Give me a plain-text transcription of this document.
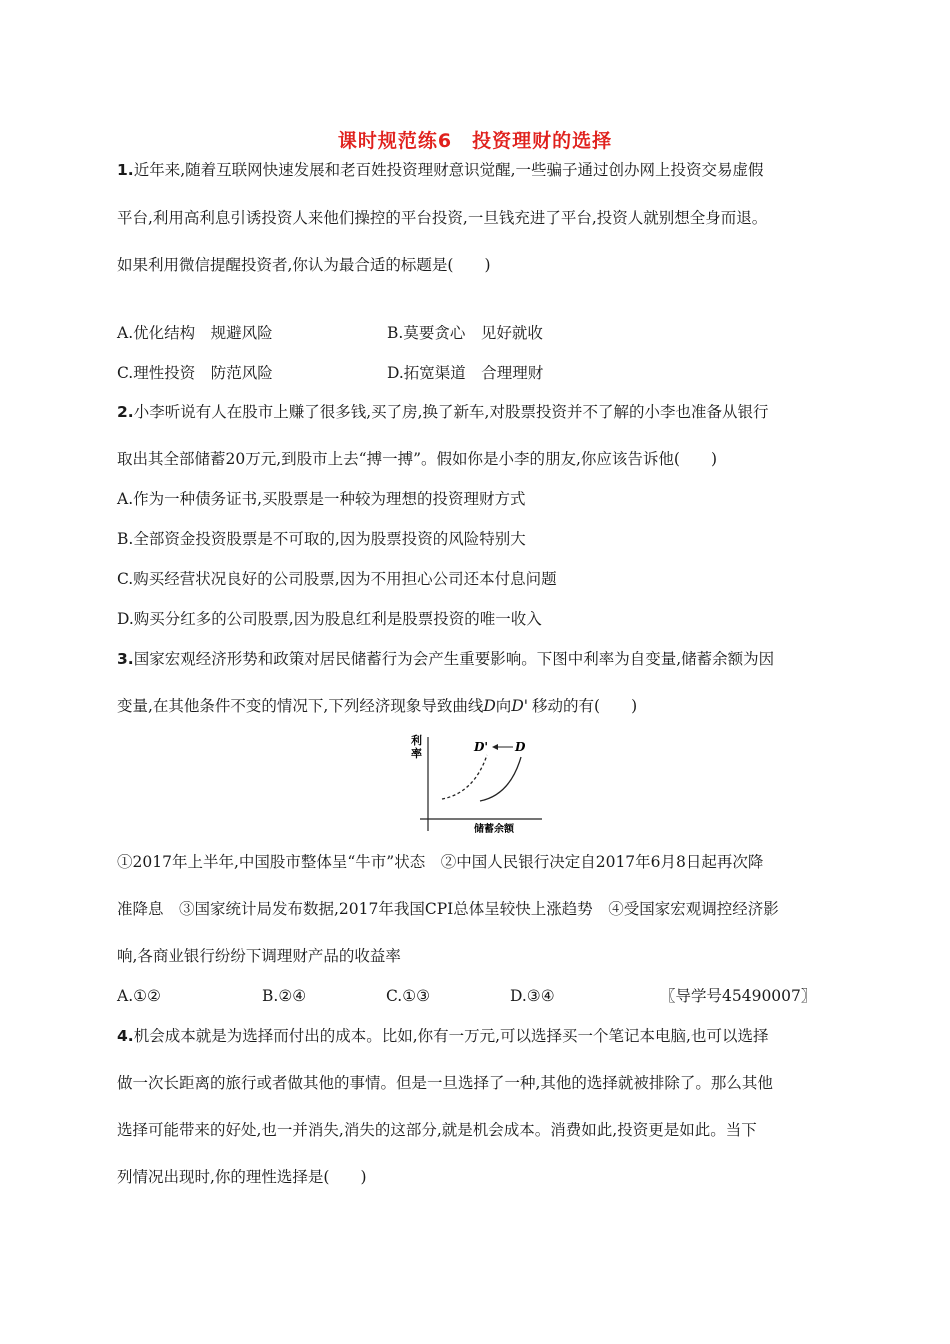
课时规范练6　投资理财的选择
1.近年来,随着互联网快速发展和老百姓投资理财意识觉醒,一些骗子通过创办网上投资交易虚假
平台,利用高利息引诱投资人来他们操控的平台投资,一旦钱充进了平台,投资人就别想全身而退。
如果利用微信提醒投资者,你认为最合适的标题是(　　)
A.优化结构　规避风险	B.莫要贪心　见好就收
C.理性投资　防范风险	D.拓宽渠道　合理理财
2.小李听说有人在股市上赚了很多钱,买了房,换了新车,对股票投资并不了解的小李也准备从银行
取出其全部储蓄20万元,到股市上去“搏一搏”。假如你是小李的朋友,你应该告诉他(　　)
A.作为一种债务证书,买股票是一种较为理想的投资理财方式
B.全部资金投资股票是不可取的,因为股票投资的风险特别大
C.购买经营状况良好的公司股票,因为不用担心公司还本付息问题
D.购买分红多的公司股票,因为股息红利是股票投资的唯一收入
3.国家宏观经济形势和政策对居民储蓄行为会产生重要影响。下图中利率为自变量,储蓄余额为因
变量,在其他条件不变的情况下,下列经济现象导致曲线D向D' 移动的有(　　)
利
率
储蓄余额
D' D
①2017年上半年,中国股市整体呈“牛市”状态　②中国人民银行决定自2017年6月8日起再次降
准降息　③国家统计局发布数据,2017年我国CPI总体呈较快上涨趋势　④受国家宏观调控经济影
响,各商业银行纷纷下调理财产品的收益率
A.①②	B.②④	C.①③	D.③④	〖导学号45490007〗
4.机会成本就是为选择而付出的成本。比如,你有一万元,可以选择买一个笔记本电脑,也可以选择
做一次长距离的旅行或者做其他的事情。但是一旦选择了一种,其他的选择就被排除了。那么其他
选择可能带来的好处,也一并消失,消失的这部分,就是机会成本。消费如此,投资更是如此。当下
列情况出现时,你的理性选择是(　　)
